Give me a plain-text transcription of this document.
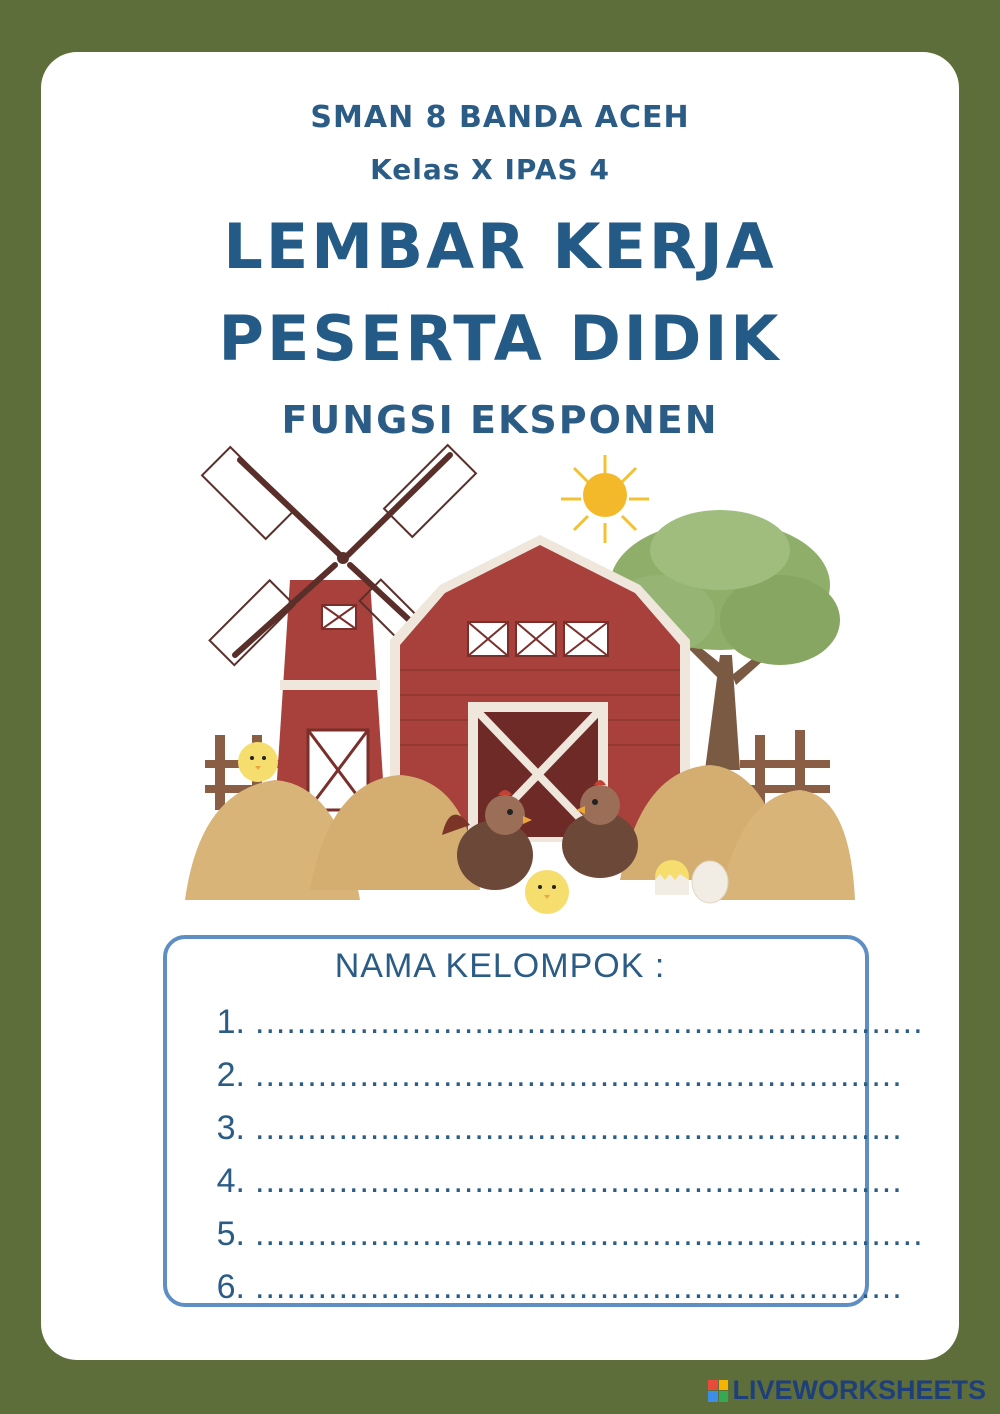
SMAN 8 BANDA ACEH
Kelas X IPAS 4
LEMBAR KERJA
PESERTA DIDIK
FUNGSI EKSPONEN
NAMA KELOMPOK :
1. ................................................................
2. ..............................................................
3. ..............................................................
4. ..............................................................
5. ................................................................
6. ..............................................................
LIVEWORKSHEETS
